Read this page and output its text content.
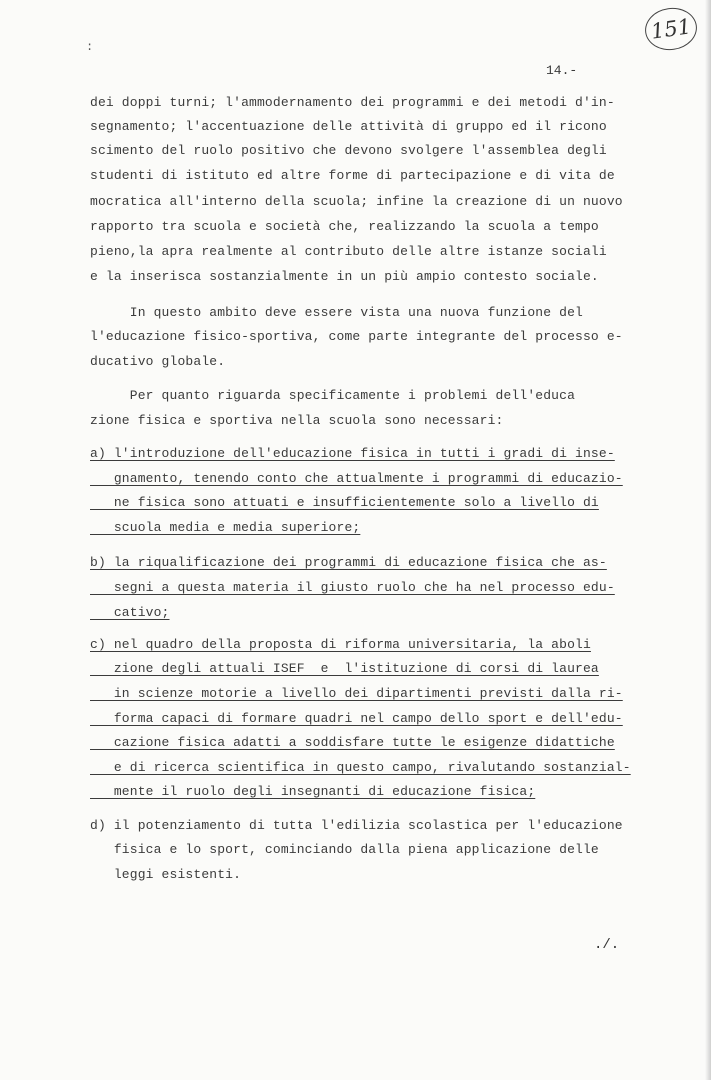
151
:
14.-
dei doppi turni; l'ammodernamento dei programmi e dei metodi d'in-
segnamento; l'accentuazione delle attività di gruppo ed il ricono
scimento del ruolo positivo che devono svolgere l'assemblea degli
studenti di istituto ed altre forme di partecipazione e di vita de
mocratica all'interno della scuola; infine la creazione di un nuovo
rapporto tra scuola e società che, realizzando la scuola a tempo
pieno,la apra realmente al contributo delle altre istanze sociali
e la inserisca sostanzialmente in un più ampio contesto sociale.
In questo ambito deve essere vista una nuova funzione del
l'educazione fisico-sportiva, come parte integrante del processo e-
ducativo globale.
Per quanto riguarda specificamente i problemi dell'educa
zione fisica e sportiva nella scuola sono necessari:
a) l'introduzione dell'educazione fisica in tutti i gradi di inse-
gnamento, tenendo conto che attualmente i programmi di educazio-
ne fisica sono attuati e insufficientemente solo a livello di
scuola media e media superiore;
b) la riqualificazione dei programmi di educazione fisica che as-
segni a questa materia il giusto ruolo che ha nel processo edu-
cativo;
c) nel quadro della proposta di riforma universitaria, la aboli
zione degli attuali ISEF  e  l'istituzione di corsi di laurea
in scienze motorie a livello dei dipartimenti previsti dalla ri-
forma capaci di formare quadri nel campo dello sport e dell'edu-
cazione fisica adatti a soddisfare tutte le esigenze didattiche
e di ricerca scientifica in questo campo, rivalutando sostanzial-
mente il ruolo degli insegnanti di educazione fisica;
d) il potenziamento di tutta l'edilizia scolastica per l'educazione
fisica e lo sport, cominciando dalla piena applicazione delle
leggi esistenti.
./.
